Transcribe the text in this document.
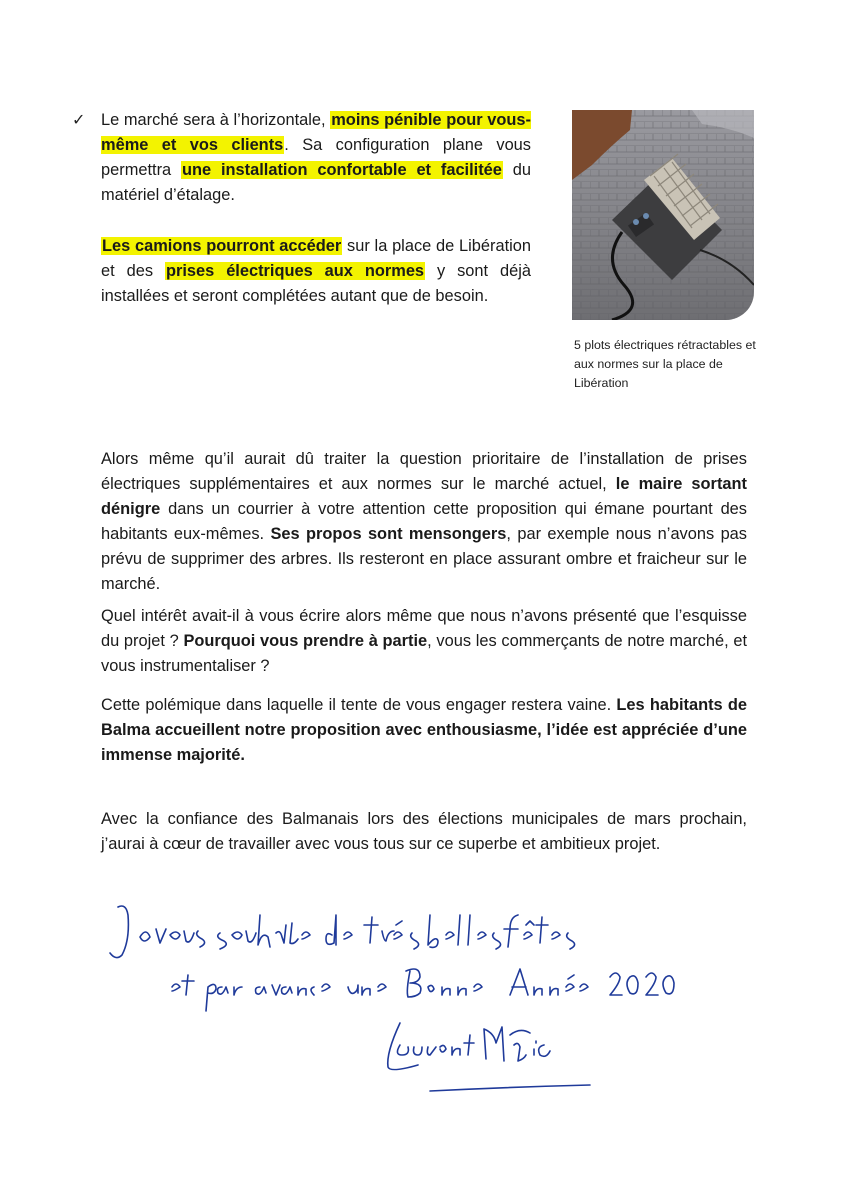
✓ Le marché sera à l’horizontale, moins pénible pour vous-même et vos clients. Sa configuration plane vous permettra une installation confortable et facilitée du matériel d’étalage.

Les camions pourront accéder sur la place de Libération et des prises électriques aux normes y sont déjà installées et seront complétées autant que de besoin.

5 plots électriques rétractables et aux normes sur la place de Libération

Alors même qu’il aurait dû traiter la question prioritaire de l’installation de prises électriques supplémentaires et aux normes sur le marché actuel, le maire sortant dénigre dans un courrier à votre attention cette proposition qui émane pourtant des habitants eux-mêmes. Ses propos sont mensongers, par exemple nous n’avons pas prévu de supprimer des arbres. Ils resteront en place assurant ombre et fraicheur sur le marché.

Quel intérêt avait-il à vous écrire alors même que nous n’avons présenté que l’esquisse du projet ? Pourquoi vous prendre à partie, vous les commerçants de notre marché, et vous instrumentaliser ?

Cette polémique dans laquelle il tente de vous engager restera vaine. Les habitants de Balma accueillent notre proposition avec enthousiasme, l’idée est appréciée d’une immense majorité.

Avec la confiance des Balmanais lors des élections municipales de mars prochain, j’aurai à cœur de travailler avec vous tous sur ce superbe et ambitieux projet.
